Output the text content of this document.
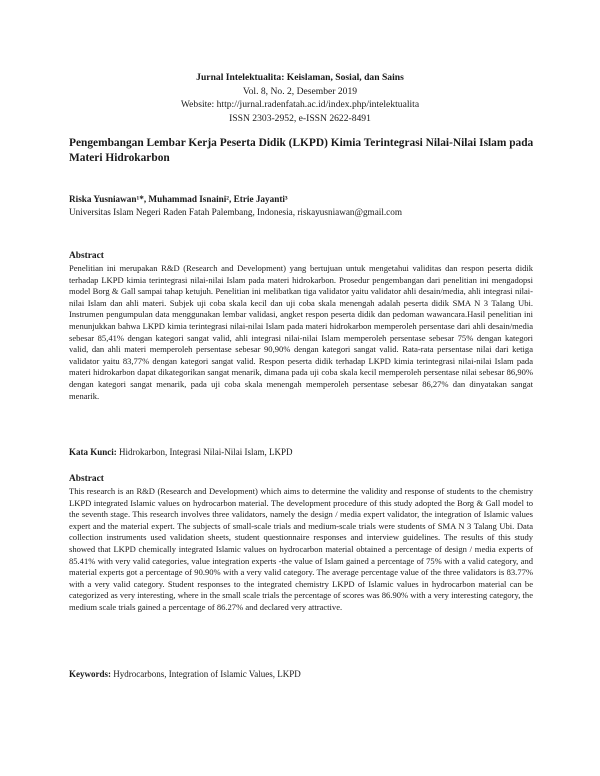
Jurnal Intelektualita: Keislaman, Sosial, dan Sains
Vol. 8, No. 2, Desember 2019
Website: http://jurnal.radenfatah.ac.id/index.php/intelektualita
ISSN 2303-2952, e-ISSN 2622-8491
Pengembangan Lembar Kerja Peserta Didik (LKPD) Kimia Terintegrasi Nilai-Nilai Islam pada Materi Hidrokarbon
Riska Yusniawan¹*, Muhammad Isnaini², Etrie Jayanti³
Universitas Islam Negeri Raden Fatah Palembang, Indonesia, riskayusniawan@gmail.com
Abstract
Penelitian ini merupakan R&D (Research and Development) yang bertujuan untuk mengetahui validitas dan respon peserta didik terhadap LKPD kimia terintegrasi nilai-nilai Islam pada materi hidrokarbon. Prosedur pengembangan dari penelitian ini mengadopsi model Borg & Gall sampai tahap ketujuh. Penelitian ini melibatkan tiga validator yaitu validator ahli desain/media, ahli integrasi nilai-nilai Islam dan ahli materi. Subjek uji coba skala kecil dan uji coba skala menengah adalah peserta didik SMA N 3 Talang Ubi. Instrumen pengumpulan data menggunakan lembar validasi, angket respon peserta didik dan pedoman wawancara.Hasil penelitian ini menunjukkan bahwa LKPD kimia terintegrasi nilai-nilai Islam pada materi hidrokarbon memperoleh persentase dari ahli desain/media sebesar 85,41% dengan kategori sangat valid, ahli integrasi nilai-nilai Islam memperoleh persentase sebesar 75% dengan kategori valid, dan ahli materi memperoleh persentase sebesar 90,90% dengan kategori sangat valid. Rata-rata persentase nilai dari ketiga validator yaitu 83,77% dengan kategori sangat valid. Respon peserta didik terhadap LKPD kimia terintegrasi nilai-nilai Islam pada materi hidrokarbon dapat dikategorikan sangat menarik, dimana pada uji coba skala kecil memperoleh persentase nilai sebesar 86,90% dengan kategori sangat menarik, pada uji coba skala menengah memperoleh persentase sebesar 86,27% dan dinyatakan sangat menarik.
Kata Kunci: Hidrokarbon, Integrasi Nilai-Nilai Islam, LKPD
Abstract
This research is an R&D (Research and Development) which aims to determine the validity and response of students to the chemistry LKPD integrated Islamic values on hydrocarbon material. The development procedure of this study adopted the Borg & Gall model to the seventh stage. This research involves three validators, namely the design / media expert validator, the integration of Islamic values expert and the material expert. The subjects of small-scale trials and medium-scale trials were students of SMA N 3 Talang Ubi. Data collection instruments used validation sheets, student questionnaire responses and interview guidelines. The results of this study showed that LKPD chemically integrated Islamic values on hydrocarbon material obtained a percentage of design / media experts of 85.41% with very valid categories, value integration experts -the value of Islam gained a percentage of 75% with a valid category, and material experts got a percentage of 90.90% with a very valid category. The average percentage value of the three validators is 83.77% with a very valid category. Student responses to the integrated chemistry LKPD of Islamic values in hydrocarbon material can be categorized as very interesting, where in the small scale trials the percentage of scores was 86.90% with a very interesting category, the medium scale trials gained a percentage of 86.27% and declared very attractive.
Keywords: Hydrocarbons, Integration of Islamic Values, LKPD
